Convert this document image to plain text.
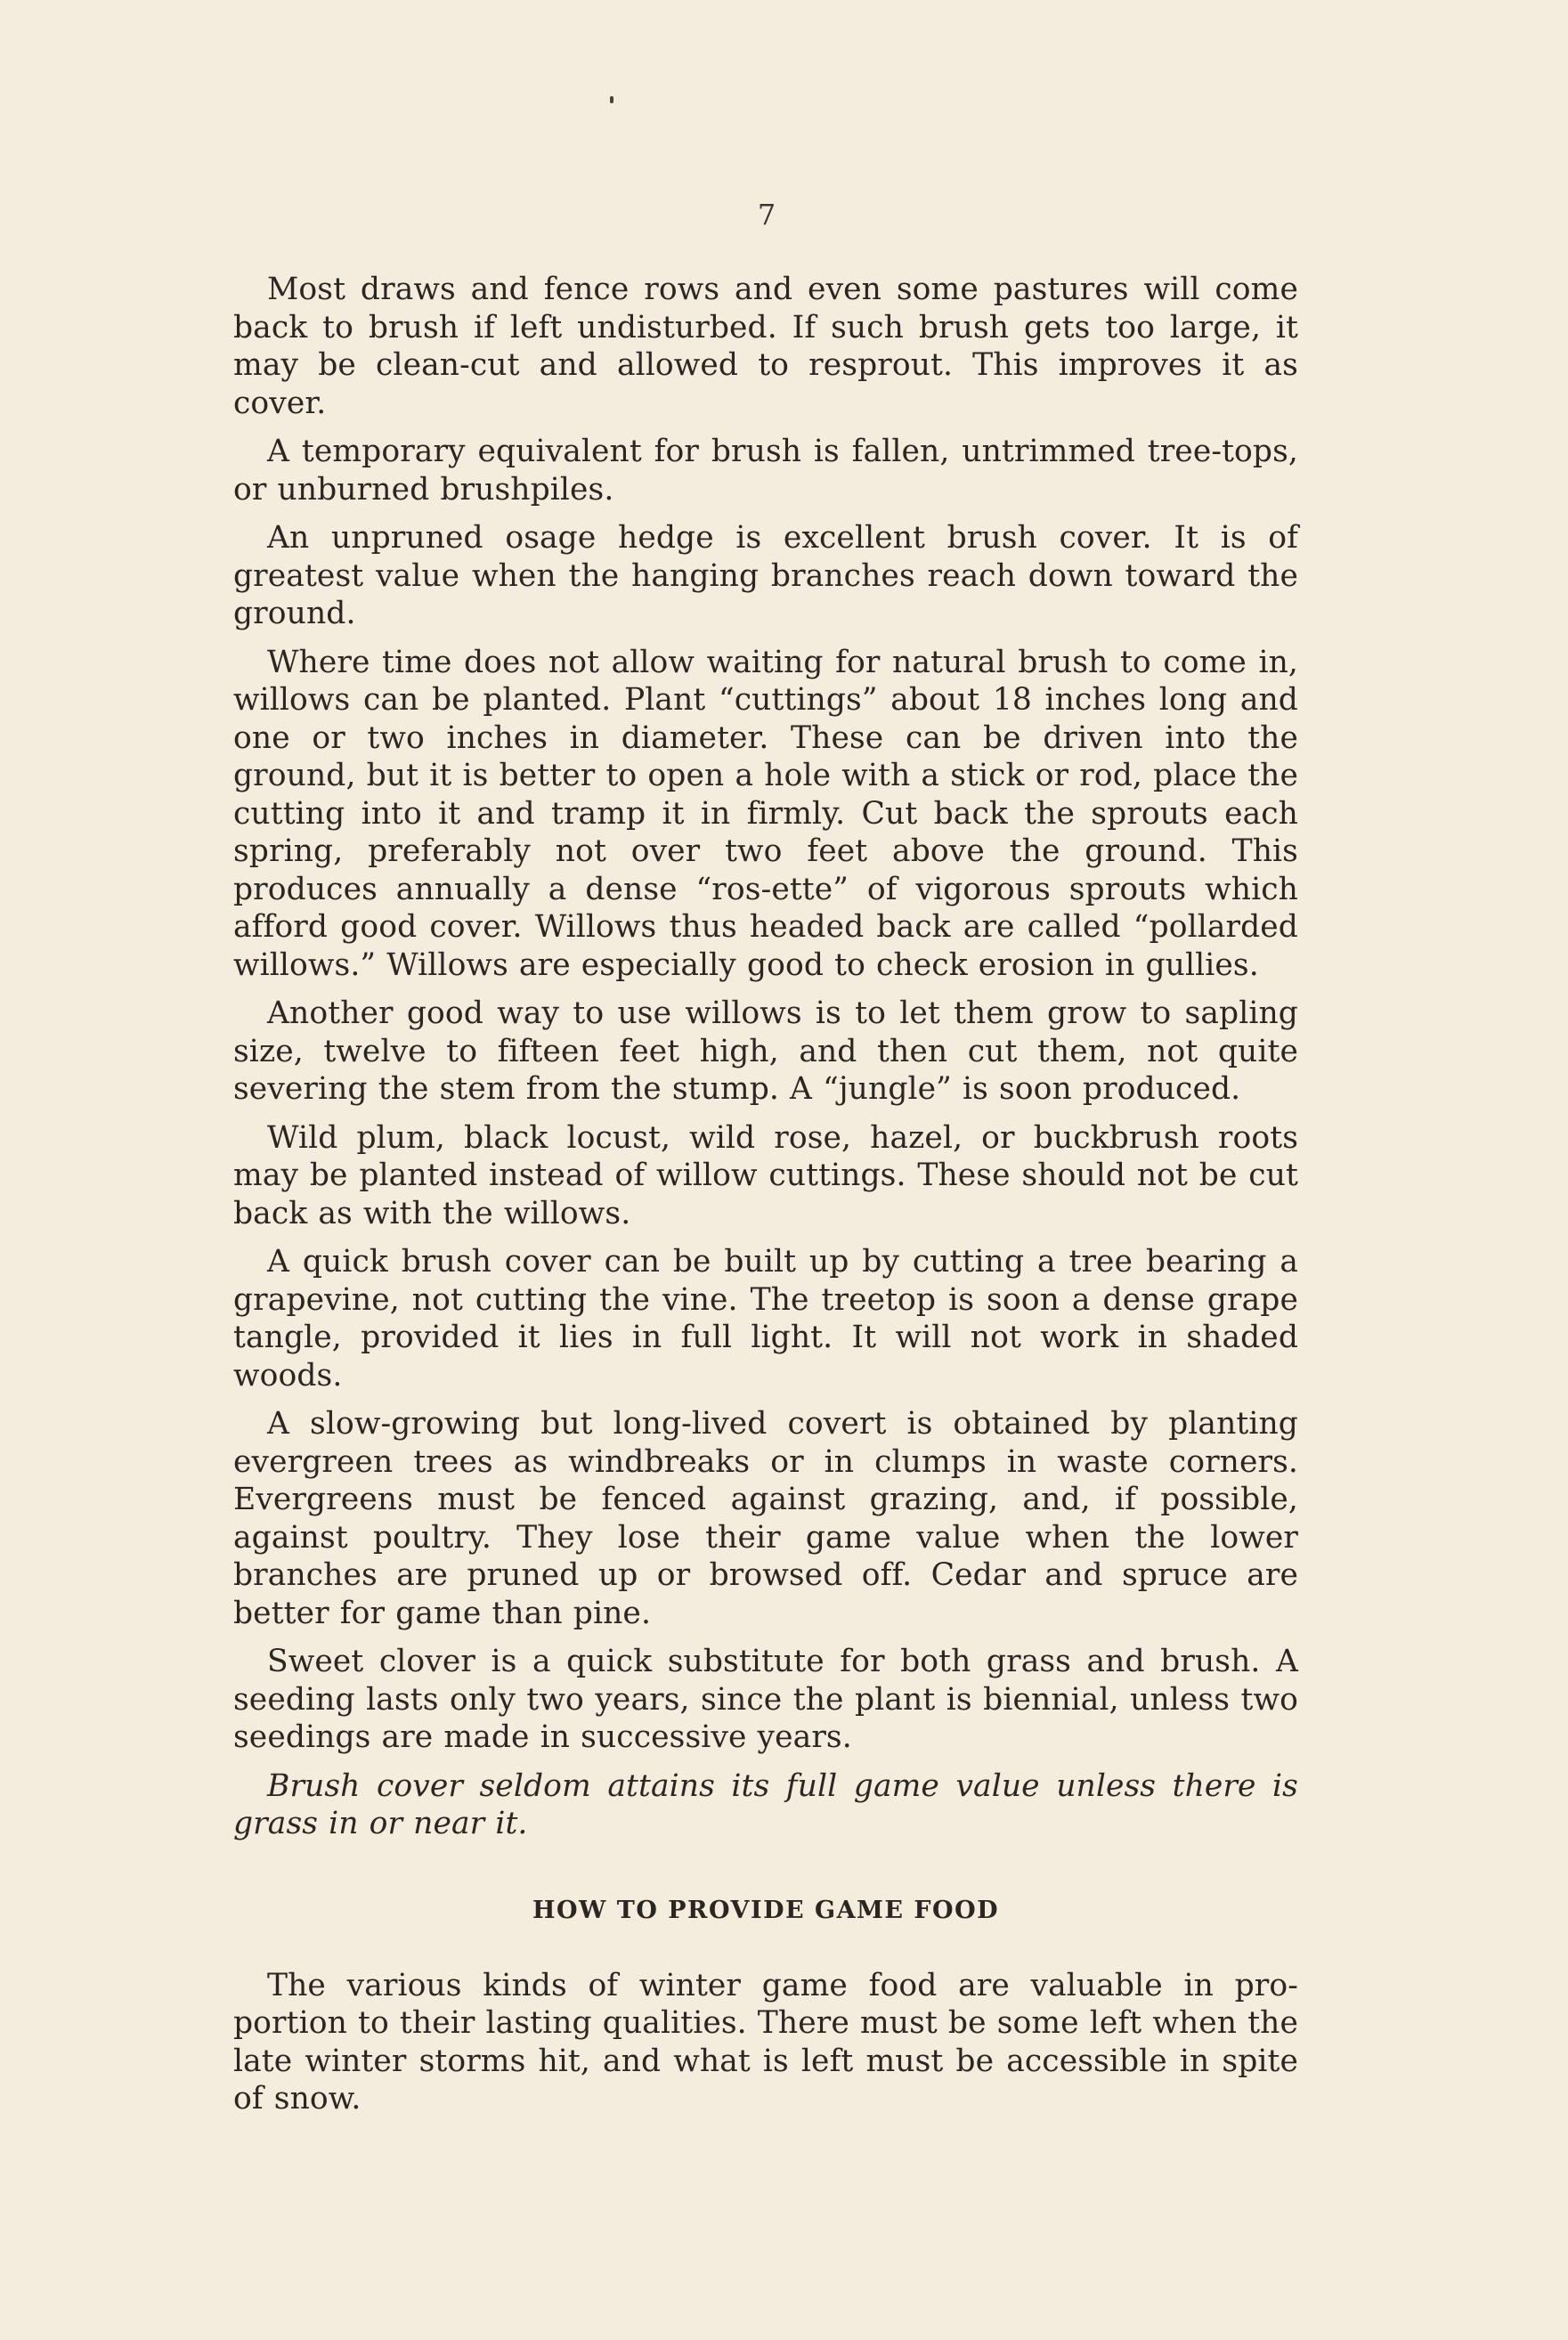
7

Most draws and fence rows and even some pastures will come back to brush if left undisturbed. If such brush gets too large, it may be clean-cut and allowed to resprout. This improves it as cover.

A temporary equivalent for brush is fallen, untrimmed tree-tops, or unburned brushpiles.

An unpruned osage hedge is excellent brush cover. It is of greatest value when the hanging branches reach down toward the ground.

Where time does not allow waiting for natural brush to come in, willows can be planted. Plant “cuttings” about 18 inches long and one or two inches in diameter. These can be driven into the ground, but it is better to open a hole with a stick or rod, place the cutting into it and tramp it in firmly. Cut back the sprouts each spring, preferably not over two feet above the ground. This produces annually a dense “ros-ette” of vigorous sprouts which afford good cover. Willows thus headed back are called “pollarded willows.” Willows are especially good to check erosion in gullies.

Another good way to use willows is to let them grow to sapling size, twelve to fifteen feet high, and then cut them, not quite severing the stem from the stump. A “jungle” is soon produced.

Wild plum, black locust, wild rose, hazel, or buckbrush roots may be planted instead of willow cuttings. These should not be cut back as with the willows.

A quick brush cover can be built up by cutting a tree bearing a grapevine, not cutting the vine. The treetop is soon a dense grape tangle, provided it lies in full light. It will not work in shaded woods.

A slow-growing but long-lived covert is obtained by planting evergreen trees as windbreaks or in clumps in waste corners. Evergreens must be fenced against grazing, and, if possible, against poultry. They lose their game value when the lower branches are pruned up or browsed off. Cedar and spruce are better for game than pine.

Sweet clover is a quick substitute for both grass and brush. A seeding lasts only two years, since the plant is biennial, unless two seedings are made in successive years.

Brush cover seldom attains its full game value unless there is grass in or near it.

HOW TO PROVIDE GAME FOOD

The various kinds of winter game food are valuable in pro-portion to their lasting qualities. There must be some left when the late winter storms hit, and what is left must be accessible in spite of snow.
